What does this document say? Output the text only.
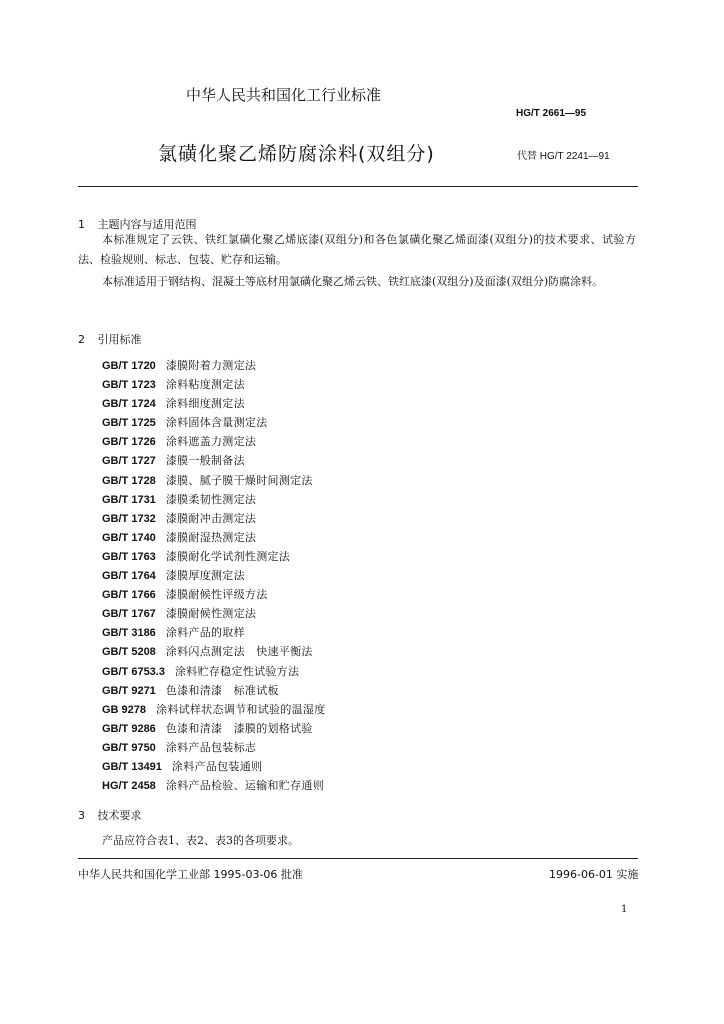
中华人民共和国化工行业标准
HG/T 2661—95
氯磺化聚乙烯防腐涂料(双组分)	代替 HG/T 2241—91
1 主题内容与适用范围

本标准规定了云铁、铁红氯磺化聚乙烯底漆(双组分)和各色氯磺化聚乙烯面漆(双组分)的技术要求、试验方法、检验规则、标志、包装、贮存和运输。

本标准适用于钢结构、混凝土等底材用氯磺化聚乙烯云铁、铁红底漆(双组分)及面漆(双组分)防腐涂料。

2 引用标准
GB/T 1720 漆膜附着力测定法
GB/T 1723 涂料粘度测定法
GB/T 1724 涂料细度测定法
GB/T 1725 涂料固体含量测定法
GB/T 1726 涂料遮盖力测定法
GB/T 1727 漆膜一般制备法
GB/T 1728 漆膜、腻子膜干燥时间测定法
GB/T 1731 漆膜柔韧性测定法
GB/T 1732 漆膜耐冲击测定法
GB/T 1740 漆膜耐湿热测定法
GB/T 1763 漆膜耐化学试剂性测定法
GB/T 1764 漆膜厚度测定法
GB/T 1766 漆膜耐候性评级方法
GB/T 1767 漆膜耐候性测定法
GB/T 3186 涂料产品的取样
GB/T 5208 涂料闪点测定法　快速平衡法
GB/T 6753.3 涂料贮存稳定性试验方法
GB/T 9271 色漆和清漆　标准试板
GB 9278 涂料试样状态调节和试验的温湿度
GB/T 9286 色漆和清漆　漆膜的划格试验
GB/T 9750 涂料产品包装标志
GB/T 13491 涂料产品包装通则
HG/T 2458 涂料产品检验、运输和贮存通则
3 技术要求

产品应符合表1、表2、表3的各项要求。

中华人民共和国化学工业部 1995-03-06 批准	1996-06-01 实施
1
